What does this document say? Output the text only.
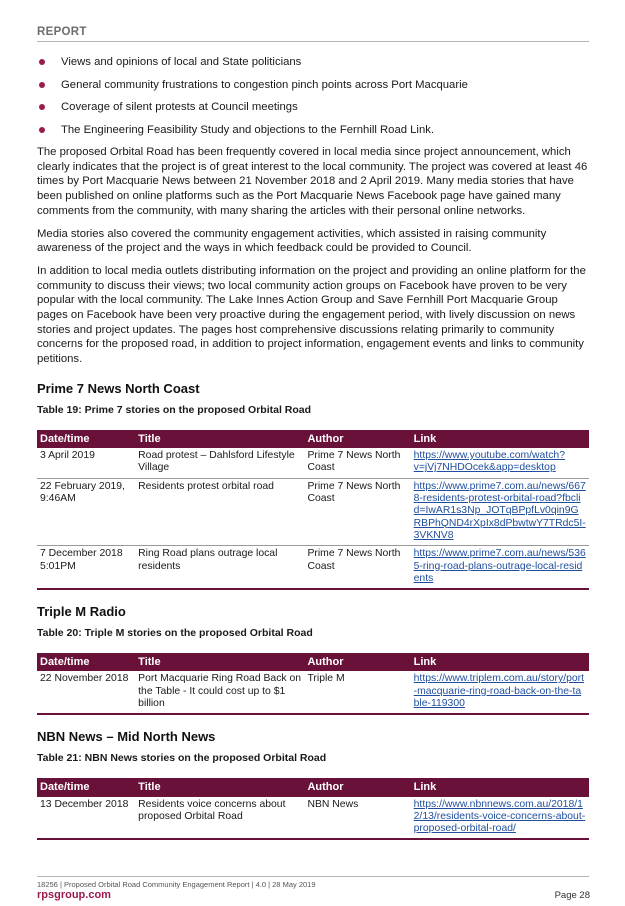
REPORT
Views and opinions of local and State politicians
General community frustrations to congestion pinch points across Port Macquarie
Coverage of silent protests at Council meetings
The Engineering Feasibility Study and objections to the Fernhill Road Link.

The proposed Orbital Road has been frequently covered in local media since project announcement, which clearly indicates that the project is of great interest to the local community. The project was covered at least 46 times by Port Macquarie News between 21 November 2018 and 2 April 2019. Many media stories that have been published on online platforms such as the Port Macquarie News Facebook page have gained many comments from the community, with many sharing the articles with their personal online networks.

Media stories also covered the community engagement activities, which assisted in raising community awareness of the project and the ways in which feedback could be provided to Council.

In addition to local media outlets distributing information on the project and providing an online platform for the community to discuss their views; two local community action groups on Facebook have proven to be very popular with the local community. The Lake Innes Action Group and Save Fernhill Port Macquarie Group pages on Facebook have been very proactive during the engagement period, with lively discussion on news stories and project updates. The pages host comprehensive discussions relating primarily to community concerns for the proposed road, in addition to project information, engagement events and links to community petitions.

Prime 7 News North Coast
Table 19: Prime 7 stories on the proposed Orbital Road
Date/time	Title	Author	Link
3 April 2019	Road protest – Dahlsford Lifestyle Village	Prime 7 News North Coast	https://www.youtube.com/watch?v=jVj7NHDOcek&app=desktop
22 February 2019, 9:46AM	Residents protest orbital road	Prime 7 News North Coast	https://www.prime7.com.au/news/6678-residents-protest-orbital-road?fbclid=IwAR1s3Np_JOTqBPpfLv0qin9GRBPhQND4rXpIx8dPbwtwY7TRdc5I-3VKNV8
7 December 2018 5:01PM	Ring Road plans outrage local residents	Prime 7 News North Coast	https://www.prime7.com.au/news/5365-ring-road-plans-outrage-local-residents
Triple M Radio
Table 20: Triple M stories on the proposed Orbital Road
Date/time	Title	Author	Link
22 November 2018	Port Macquarie Ring Road Back on the Table - It could cost up to $1 billion	Triple M	https://www.triplem.com.au/story/port-macquarie-ring-road-back-on-the-table-119300
NBN News – Mid North News
Table 21: NBN News stories on the proposed Orbital Road
Date/time	Title	Author	Link
13 December 2018	Residents voice concerns about proposed Orbital Road	NBN News	https://www.nbnnews.com.au/2018/12/13/residents-voice-concerns-about-proposed-orbital-road/
18256 | Proposed Orbital Road Community Engagement Report | 4.0 | 28 May 2019
rpsgroup.com	Page 28
